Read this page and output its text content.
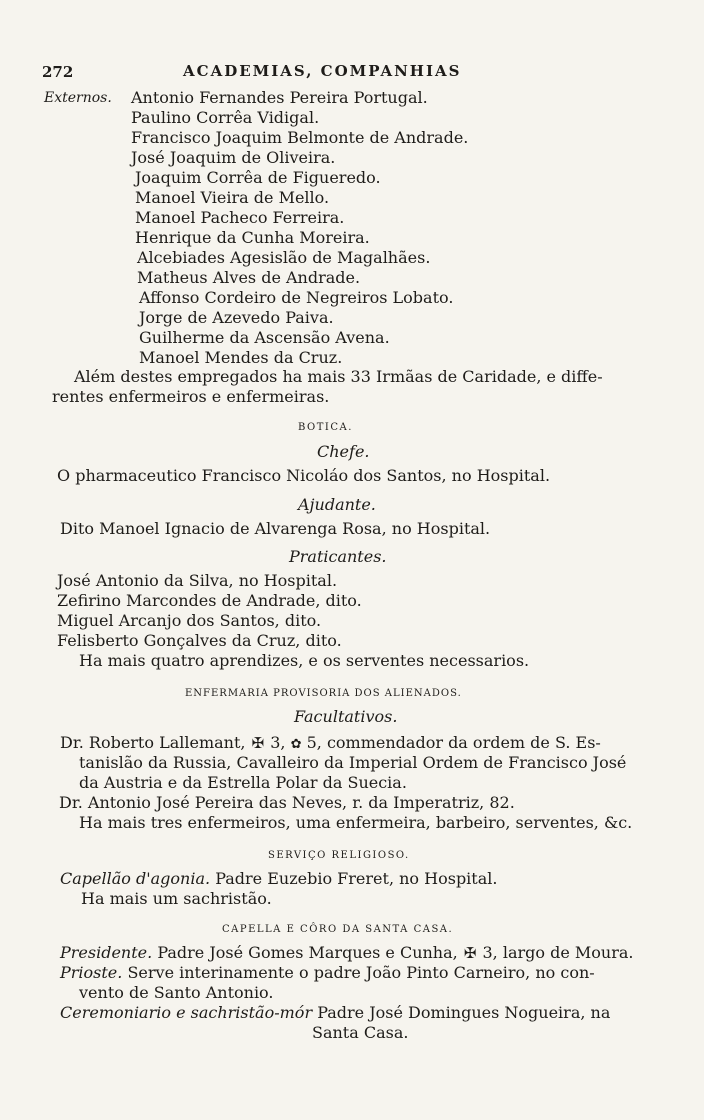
272	ACADEMIAS, COMPANHIAS
Externos. Antonio Fernandes Pereira Portugal.
Paulino Corrêa Vidigal.
Francisco Joaquim Belmonte de Andrade.
José Joaquim de Oliveira.
Joaquim Corrêa de Figueredo.
Manoel Vieira de Mello.
Manoel Pacheco Ferreira.
Henrique da Cunha Moreira.
Alcebiades Agesislão de Magalhães.
Matheus Alves de Andrade.
Affonso Cordeiro de Negreiros Lobato.
Jorge de Azevedo Paiva.
Guilherme da Ascensão Avena.
Manoel Mendes da Cruz.
Além destes empregados ha mais 33 Irmãas de Caridade, e diffe-
rentes enfermeiros e enfermeiras.
BOTICA.
Chefe.
O pharmaceutico Francisco Nicoláo dos Santos, no Hospital.
Ajudante.
Dito Manoel Ignacio de Alvarenga Rosa, no Hospital.
Praticantes.
José Antonio da Silva, no Hospital.
Zefirino Marcondes de Andrade, dito.
Miguel Arcanjo dos Santos, dito.
Felisberto Gonçalves da Cruz, dito.
Ha mais quatro aprendizes, e os serventes necessarios.
ENFERMARIA PROVISORIA DOS ALIENADOS.
Facultativos.
Dr. Roberto Lallemant, ✠ 3, ✿ 5, commendador da ordem de S. Es-
tanislão da Russia, Cavalleiro da Imperial Ordem de Francisco José
da Austria e da Estrella Polar da Suecia.
Dr. Antonio José Pereira das Neves, r. da Imperatriz, 82.
Ha mais tres enfermeiros, uma enfermeira, barbeiro, serventes, &c.
SERVIÇO RELIGIOSO.
Capellão d'agonia. Padre Euzebio Freret, no Hospital.
Ha mais um sachristão.
CAPELLA E CÔRO DA SANTA CASA.
Presidente. Padre José Gomes Marques e Cunha, ✠ 3, largo de Moura.
Prioste. Serve interinamente o padre João Pinto Carneiro, no con-
vento de Santo Antonio.
Ceremoniario e sachristão-mór Padre José Domingues Nogueira, na
Santa Casa.
